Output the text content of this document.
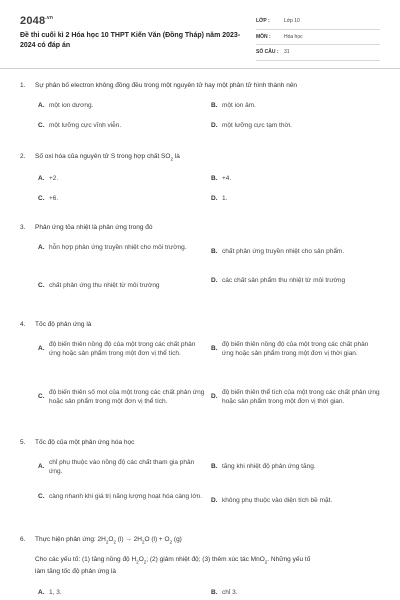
$2048^{.vn}$
Đề thi cuối kì 2 Hóa học 10 THPT Kiến Văn (Đồng Tháp) năm 2023-2024 có đáp án
LỚP :	Lớp 10
MÔN :	Hóa học
SỐ CÂU :	31
1.	Sự phân bố electron không đồng đều trong một nguyên tử hay một phân tử hình thành nên
A. một ion dương.	B. một ion âm.
C. một lưỡng cực vĩnh viễn.	D. một lưỡng cực tạm thời.
2.	Số oxi hóa của nguyên tử S trong hợp chất $SO_2$ là
A. +2.	B. +4.
C. +6.	D. 1.
3.	Phản ứng tỏa nhiệt là phản ứng trong đó
A. hỗn hợp phản ứng truyền nhiệt cho môi trường.
B. chất phản ứng truyền nhiệt cho sản phẩm.
C. chất phản ứng thu nhiệt từ môi trường
D. các chất sản phẩm thu nhiệt từ môi trường
4.	Tốc độ phản ứng là
A.
độ biến thiên nồng độ của một trong các chất phản ứng hoặc sản phẩm trong một đơn vị thể tích.
B.
độ biến thiên nồng độ của một trong các chất phản ứng hoặc sản phẩm trong một đơn vị thời gian.
C.
độ biến thiên số mol của một trong các chất phản ứng hoặc sản phẩm trong một đơn vị thể tích.
D.
độ biến thiên thể tích của một trong các chất phản ứng hoặc sản phẩm trong một đơn vị thời gian.
5.	Tốc độ của một phản ứng hóa học
A.
chỉ phụ thuộc vào nồng độ các chất tham gia phản ứng.
B. tăng khi nhiệt độ phản ứng tăng.
C. càng nhanh khi giá trị năng lượng hoạt hóa càng lớn.
D. không phụ thuộc vào diện tích bề mặt.
6.	Thực hiện phản ứng: $2H_2O_2$ $(l) \to 2H_2O$ $(l) + O_2$ (g)
Cho các yếu tố: (1) tăng nồng độ $H_2O_2$; (2) giảm nhiệt độ; (3) thêm xúc tác MnO$_2$. Những yếu tố
làm tăng tốc độ phản ứng là
A. 1, 3.	B. chỉ 3.
